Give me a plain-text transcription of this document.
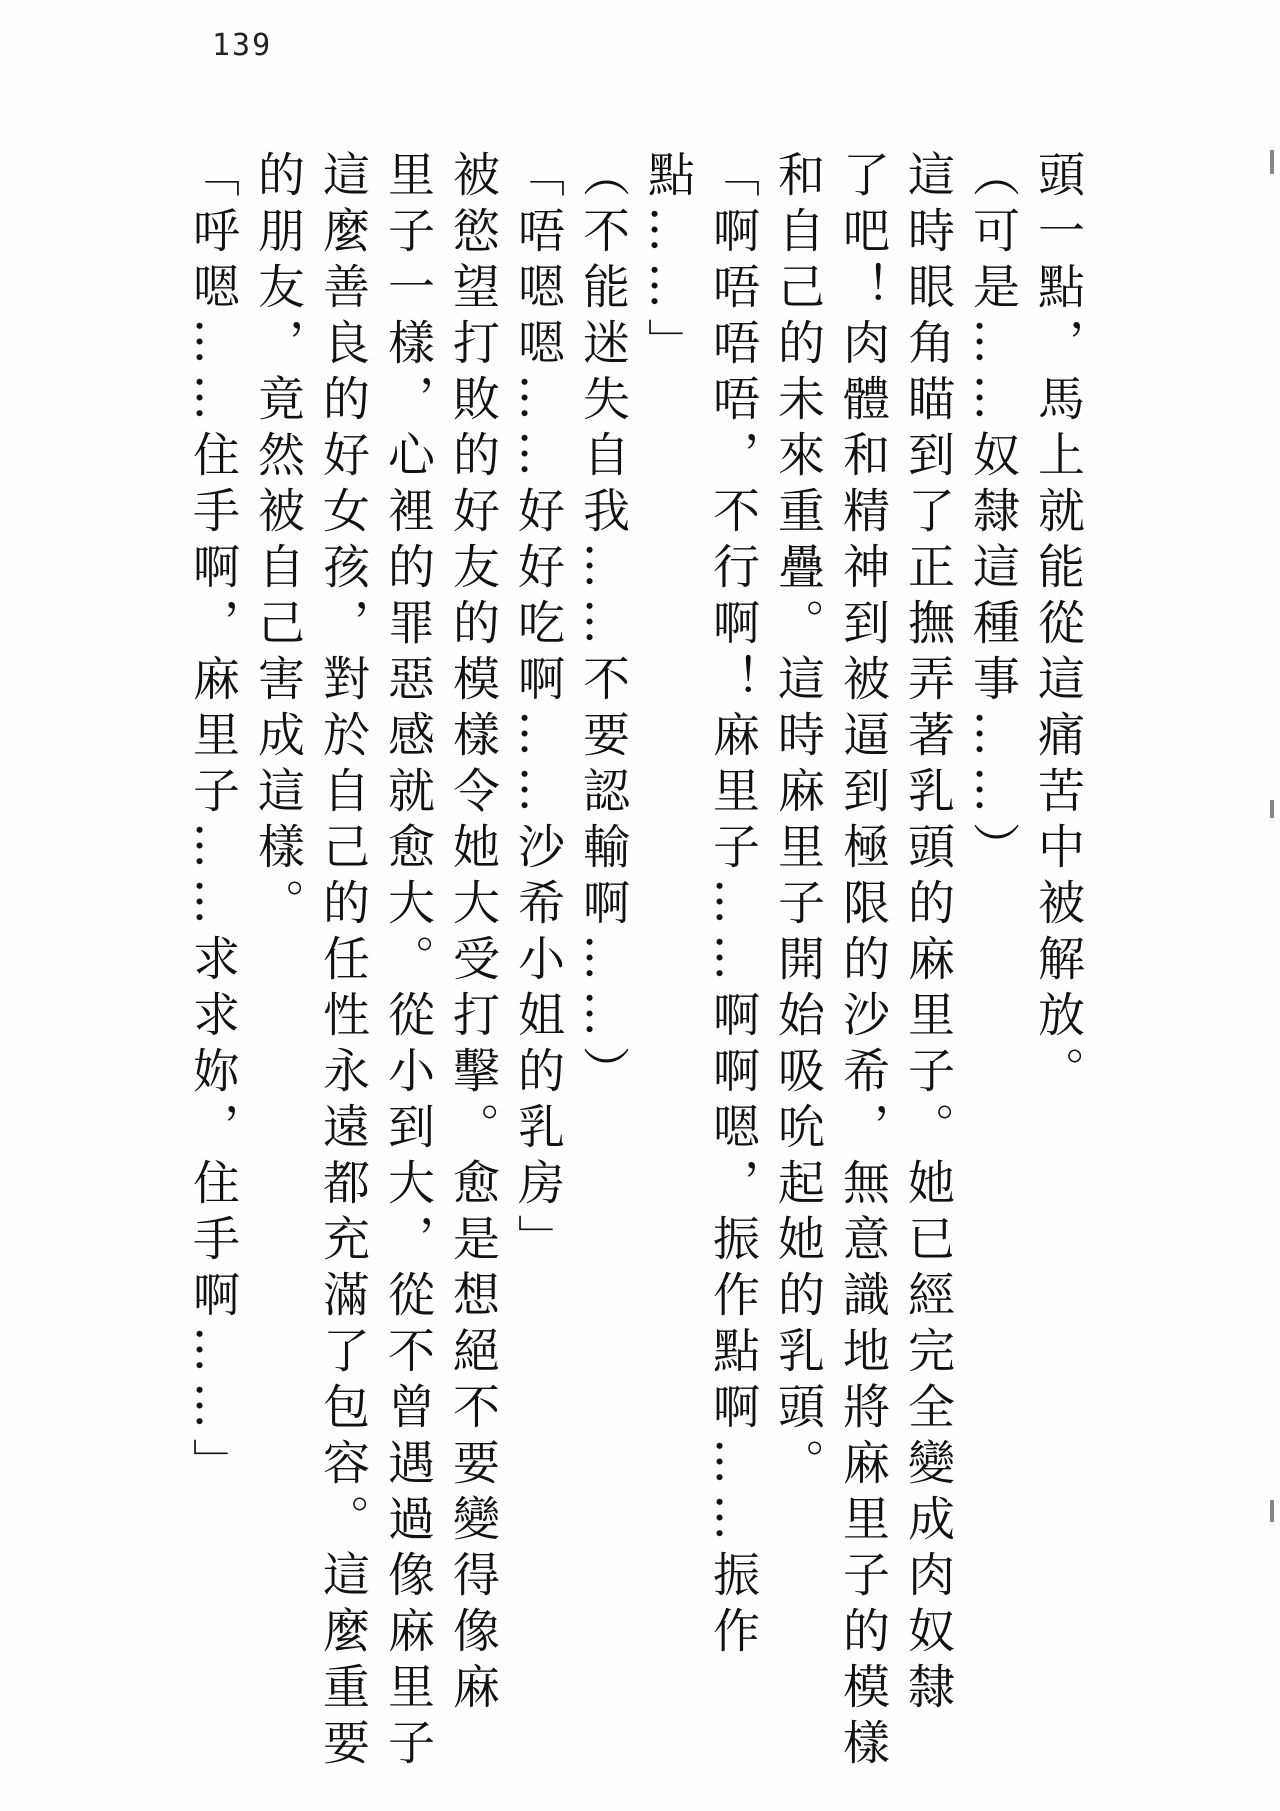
139
頭一點，馬上就能從這痛苦中被解放。
（可是……奴隸這種事……）
這時眼角瞄到了正撫弄著乳頭的麻里子。她已經完全變成肉奴隸
了吧！肉體和精神到被逼到極限的沙希，無意識地將麻里子的模樣
和自己的未來重疊。這時麻里子開始吸吮起她的乳頭。
「啊唔唔唔，不行啊！麻里子……啊啊嗯，振作點啊……振作
點……」
（不能迷失自我……不要認輸啊……）
「唔嗯嗯……好好吃啊……沙希小姐的乳房」
被慾望打敗的好友的模樣令她大受打擊。愈是想絕不要變得像麻
里子一樣，心裡的罪惡感就愈大。從小到大，從不曾遇過像麻里子
這麼善良的好女孩，對於自己的任性永遠都充滿了包容。這麼重要
的朋友，竟然被自己害成這樣。
「呼嗯……住手啊，麻里子……求求妳，住手啊……」
